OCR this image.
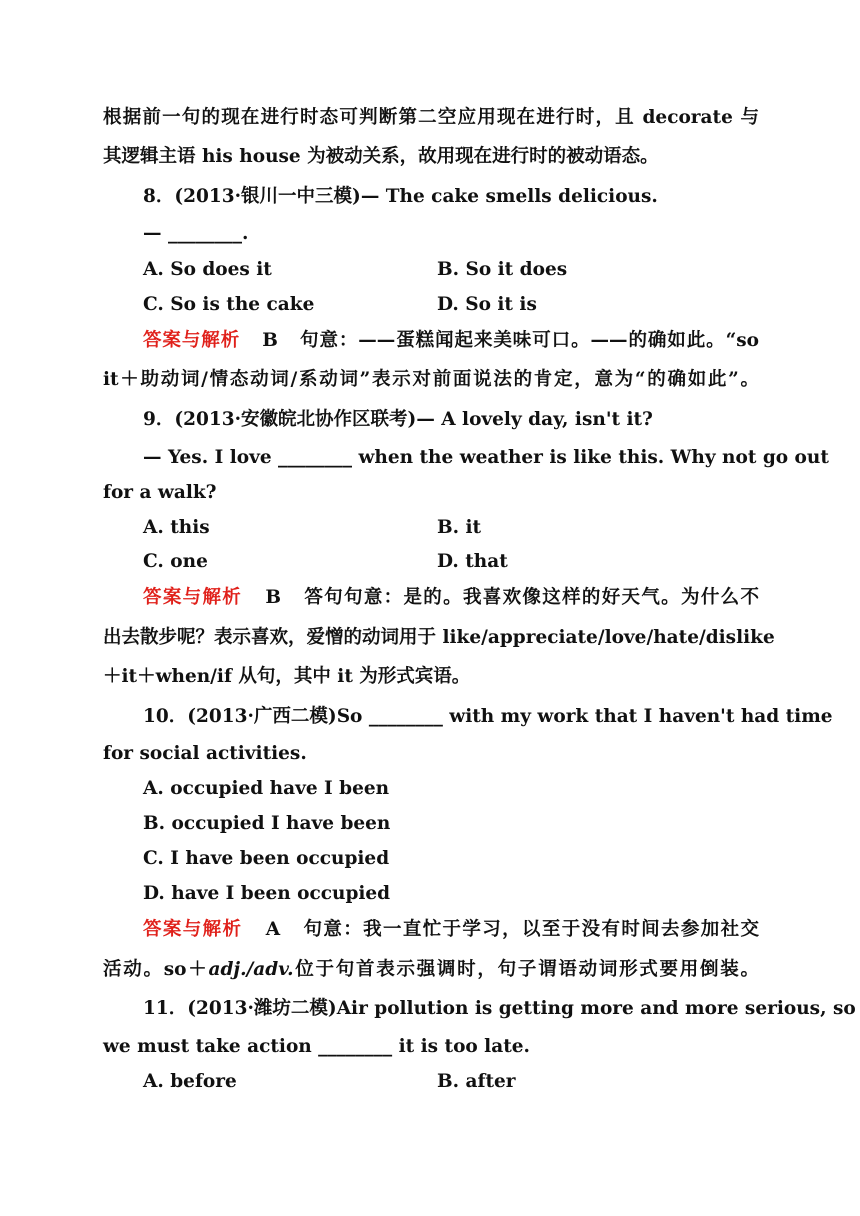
根据前一句的现在进行时态可判断第二空应用现在进行时，且 decorate 与
其逻辑主语 his house 为被动关系，故用现在进行时的被动语态。
8．(2013·银川一中三模)— The cake smells delicious.
— ________.
A. So does it	B. So it does
C. So is the cake	D. So it is
答案与解析 B 句意：——蛋糕闻起来美味可口。——的确如此。“so
it＋助动词/情态动词/系动词”表示对前面说法的肯定，意为“的确如此”。
9．(2013·安徽皖北协作区联考)— A lovely day, isn't it?
— Yes. I love ________ when the weather is like this. Why not go out
for a walk?
A. this	B. it
C. one	D. that
答案与解析 B 答句句意：是的。我喜欢像这样的好天气。为什么不
出去散步呢？表示喜欢，爱憎的动词用于 like/appreciate/love/hate/dislike
＋it＋when/if 从句，其中 it 为形式宾语。
10．(2013·广西二模)So ________ with my work that I haven't had time
for social activities.
A. occupied have I been
B. occupied I have been
C. I have been occupied
D. have I been occupied
答案与解析 A 句意：我一直忙于学习，以至于没有时间去参加社交
活动。so＋adj./adv.位于句首表示强调时，句子谓语动词形式要用倒装。
11．(2013·潍坊二模)Air pollution is getting more and more serious, so
we must take action ________ it is too late.
A. before	B. after
